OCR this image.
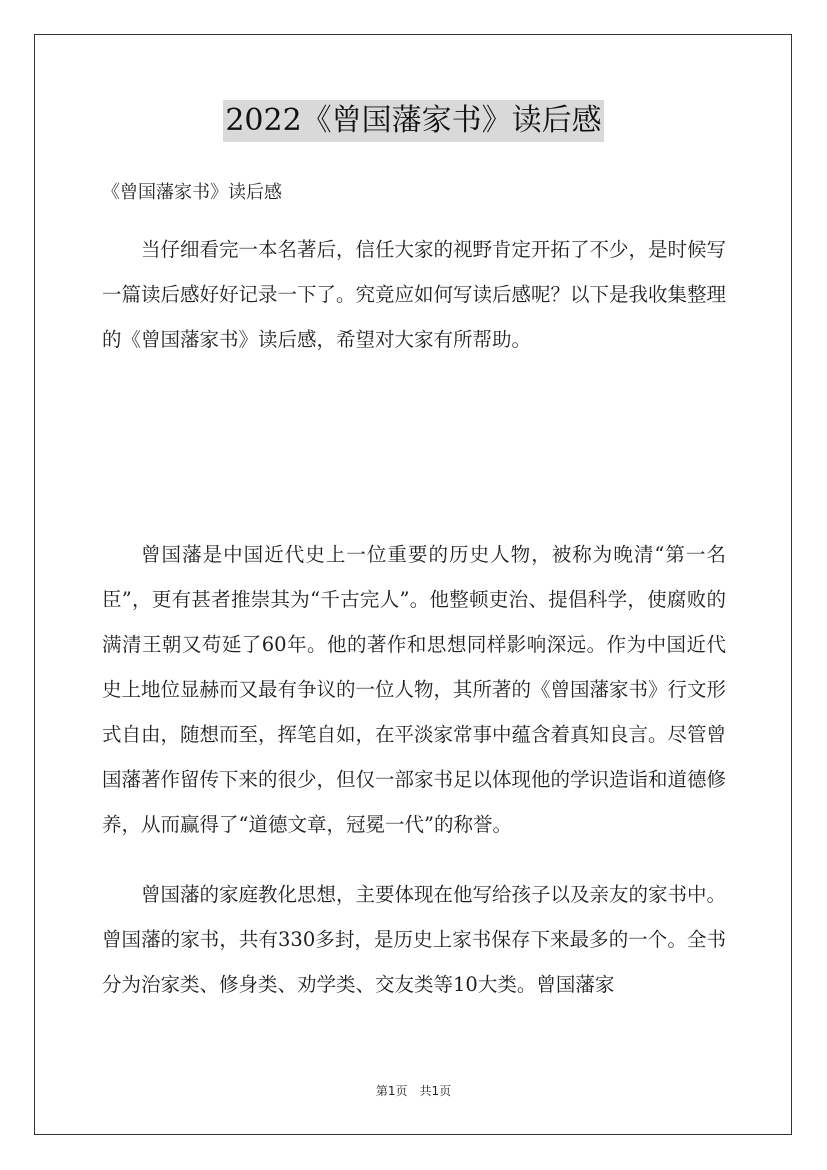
2022《曾国藩家书》读后感
《曾国藩家书》读后感

当仔细看完一本名著后，信任大家的视野肯定开拓了不少，是时候写一篇读后感好好记录一下了。究竟应如何写读后感呢？以下是我收集整理的《曾国藩家书》读后感，希望对大家有所帮助。

曾国藩是中国近代史上一位重要的历史人物，被称为晚清“第一名臣”，更有甚者推崇其为“千古完人”。他整顿吏治、提倡科学，使腐败的满清王朝又苟延了60年。他的著作和思想同样影响深远。作为中国近代史上地位显赫而又最有争议的一位人物，其所著的《曾国藩家书》行文形式自由，随想而至，挥笔自如，在平淡家常事中蕴含着真知良言。尽管曾国藩著作留传下来的很少，但仅一部家书足以体现他的学识造诣和道德修养，从而赢得了“道德文章，冠冕一代”的称誉。

曾国藩的家庭教化思想，主要体现在他写给孩子以及亲友的家书中。曾国藩的家书，共有330多封，是历史上家书保存下来最多的一个。全书分为治家类、修身类、劝学类、交友类等10大类。曾国藩家

第1页　共1页
